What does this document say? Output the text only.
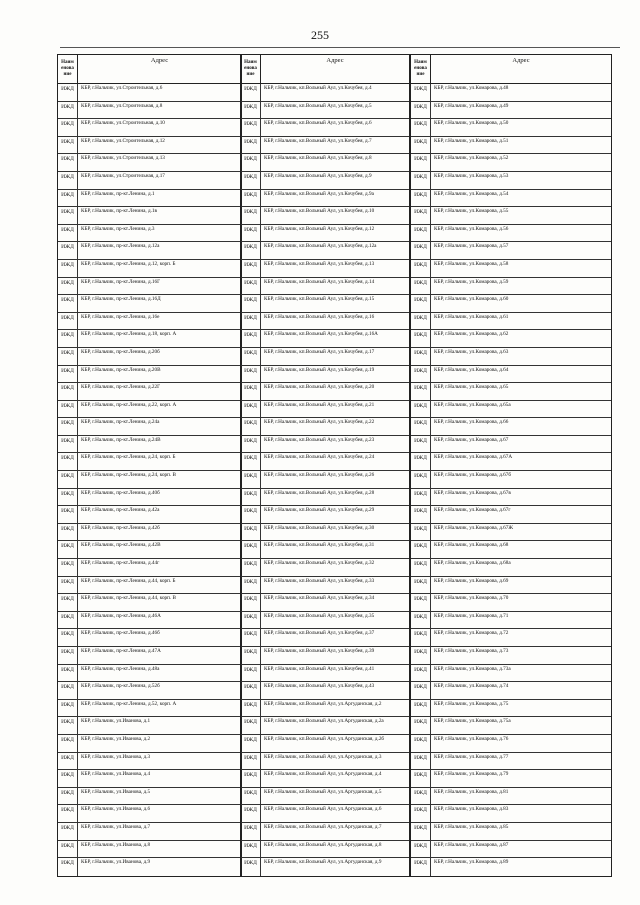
255
Наим енова ние
Адрес
ИЖД	КБР, г.Нальчик, ул.Строительная, д.6
ИЖД	КБР, г.Нальчик, ул.Строительная, д.8
ИЖД	КБР, г.Нальчик, ул.Строительная, д.10
ИЖД	КБР, г.Нальчик, ул.Строительная, д.12
ИЖД	КБР, г.Нальчик, ул.Строительная, д.13
ИЖД	КБР, г.Нальчик, ул.Строительная, д.17
ИЖД	КБР, г.Нальчик, пр-кт.Ленина, д.1
ИЖД	КБР, г.Нальчик, пр-кт.Ленина, д.1в
ИЖД	КБР, г.Нальчик, пр-кт.Ленина, д.3
ИЖД	КБР, г.Нальчик, пр-кт.Ленина, д.12а
ИЖД	КБР, г.Нальчик, пр-кт.Ленина, д.12, корп. Б
ИЖД	КБР, г.Нальчик, пр-кт.Ленина, д.16Г
ИЖД	КБР, г.Нальчик, пр-кт.Ленина, д.16Д
ИЖД	КБР, г.Нальчик, пр-кт.Ленина, д.16е
ИЖД	КБР, г.Нальчик, пр-кт.Ленина, д.18, корп. А
ИЖД	КБР, г.Нальчик, пр-кт.Ленина, д.20б
ИЖД	КБР, г.Нальчик, пр-кт.Ленина, д.20В
ИЖД	КБР, г.Нальчик, пр-кт.Ленина, д.22Г
ИЖД	КБР, г.Нальчик, пр-кт.Ленина, д.22, корп. А
ИЖД	КБР, г.Нальчик, пр-кт.Ленина, д.24а
ИЖД	КБР, г.Нальчик, пр-кт.Ленина, д.24В
ИЖД	КБР, г.Нальчик, пр-кт.Ленина, д.24, корп. Б
ИЖД	КБР, г.Нальчик, пр-кт.Ленина, д.24, корп. В
ИЖД	КБР, г.Нальчик, пр-кт.Ленина, д.40б
ИЖД	КБР, г.Нальчик, пр-кт.Ленина, д.42а
ИЖД	КБР, г.Нальчик, пр-кт.Ленина, д.42б
ИЖД	КБР, г.Нальчик, пр-кт.Ленина, д.42В
ИЖД	КБР, г.Нальчик, пр-кт.Ленина, д.44г
ИЖД	КБР, г.Нальчик, пр-кт.Ленина, д.44, корп. Б
ИЖД	КБР, г.Нальчик, пр-кт.Ленина, д.44, корп. В
ИЖД	КБР, г.Нальчик, пр-кт.Ленина, д.46А
ИЖД	КБР, г.Нальчик, пр-кт.Ленина, д.46б
ИЖД	КБР, г.Нальчик, пр-кт.Ленина, д.47А
ИЖД	КБР, г.Нальчик, пр-кт.Ленина, д.48а
ИЖД	КБР, г.Нальчик, пр-кт.Ленина, д.52б
ИЖД	КБР, г.Нальчик, пр-кт.Ленина, д.52, корп. А
ИЖД	КБР, г.Нальчик, ул.Иванова, д.1
ИЖД	КБР, г.Нальчик, ул.Иванова, д.2
ИЖД	КБР, г.Нальчик, ул.Иванова, д.3
ИЖД	КБР, г.Нальчик, ул.Иванова, д.4
ИЖД	КБР, г.Нальчик, ул.Иванова, д.5
ИЖД	КБР, г.Нальчик, ул.Иванова, д.6
ИЖД	КБР, г.Нальчик, ул.Иванова, д.7
ИЖД	КБР, г.Нальчик, ул.Иванова, д.8
ИЖД	КБР, г.Нальчик, ул.Иванова, д.9
Наим енова ние
Адрес
ИЖД	КБР, г.Нальчик, кп.Вольный Аул, ул.Кочубея, д.4
ИЖД	КБР, г.Нальчик, кп.Вольный Аул, ул.Кочубея, д.5
ИЖД	КБР, г.Нальчик, кп.Вольный Аул, ул.Кочубея, д.6
ИЖД	КБР, г.Нальчик, кп.Вольный Аул, ул.Кочубея, д.7
ИЖД	КБР, г.Нальчик, кп.Вольный Аул, ул.Кочубея, д.8
ИЖД	КБР, г.Нальчик, кп.Вольный Аул, ул.Кочубея, д.9
ИЖД	КБР, г.Нальчик, кп.Вольный Аул, ул.Кочубея, д.9а
ИЖД	КБР, г.Нальчик, кп.Вольный Аул, ул.Кочубея, д.10
ИЖД	КБР, г.Нальчик, кп.Вольный Аул, ул.Кочубея, д.12
ИЖД	КБР, г.Нальчик, кп.Вольный Аул, ул.Кочубея, д.12а
ИЖД	КБР, г.Нальчик, кп.Вольный Аул, ул.Кочубея, д.13
ИЖД	КБР, г.Нальчик, кп.Вольный Аул, ул.Кочубея, д.14
ИЖД	КБР, г.Нальчик, кп.Вольный Аул, ул.Кочубея, д.15
ИЖД	КБР, г.Нальчик, кп.Вольный Аул, ул.Кочубея, д.16
ИЖД	КБР, г.Нальчик, кп.Вольный Аул, ул.Кочубея, д.16А
ИЖД	КБР, г.Нальчик, кп.Вольный Аул, ул.Кочубея, д.17
ИЖД	КБР, г.Нальчик, кп.Вольный Аул, ул.Кочубея, д.19
ИЖД	КБР, г.Нальчик, кп.Вольный Аул, ул.Кочубея, д.20
ИЖД	КБР, г.Нальчик, кп.Вольный Аул, ул.Кочубея, д.21
ИЖД	КБР, г.Нальчик, кп.Вольный Аул, ул.Кочубея, д.22
ИЖД	КБР, г.Нальчик, кп.Вольный Аул, ул.Кочубея, д.23
ИЖД	КБР, г.Нальчик, кп.Вольный Аул, ул.Кочубея, д.24
ИЖД	КБР, г.Нальчик, кп.Вольный Аул, ул.Кочубея, д.26
ИЖД	КБР, г.Нальчик, кп.Вольный Аул, ул.Кочубея, д.28
ИЖД	КБР, г.Нальчик, кп.Вольный Аул, ул.Кочубея, д.29
ИЖД	КБР, г.Нальчик, кп.Вольный Аул, ул.Кочубея, д.30
ИЖД	КБР, г.Нальчик, кп.Вольный Аул, ул.Кочубея, д.31
ИЖД	КБР, г.Нальчик, кп.Вольный Аул, ул.Кочубея, д.32
ИЖД	КБР, г.Нальчик, кп.Вольный Аул, ул.Кочубея, д.33
ИЖД	КБР, г.Нальчик, кп.Вольный Аул, ул.Кочубея, д.34
ИЖД	КБР, г.Нальчик, кп.Вольный Аул, ул.Кочубея, д.35
ИЖД	КБР, г.Нальчик, кп.Вольный Аул, ул.Кочубея, д.37
ИЖД	КБР, г.Нальчик, кп.Вольный Аул, ул.Кочубея, д.39
ИЖД	КБР, г.Нальчик, кп.Вольный Аул, ул.Кочубея, д.41
ИЖД	КБР, г.Нальчик, кп.Вольный Аул, ул.Кочубея, д.43
ИЖД	КБР, г.Нальчик, кп.Вольный Аул, ул.Аргуданская, д.2
ИЖД	КБР, г.Нальчик, кп.Вольный Аул, ул.Аргуданская, д.2а
ИЖД	КБР, г.Нальчик, кп.Вольный Аул, ул.Аргуданская, д.2б
ИЖД	КБР, г.Нальчик, кп.Вольный Аул, ул.Аргуданская, д.3
ИЖД	КБР, г.Нальчик, кп.Вольный Аул, ул.Аргуданская, д.4
ИЖД	КБР, г.Нальчик, кп.Вольный Аул, ул.Аргуданская, д.5
ИЖД	КБР, г.Нальчик, кп.Вольный Аул, ул.Аргуданская, д.6
ИЖД	КБР, г.Нальчик, кп.Вольный Аул, ул.Аргуданская, д.7
ИЖД	КБР, г.Нальчик, кп.Вольный Аул, ул.Аргуданская, д.8
ИЖД	КБР, г.Нальчик, кп.Вольный Аул, ул.Аргуданская, д.9
Наим енова ние
Адрес
ИЖД	КБР, г.Нальчик, ул.Комарова, д.48
ИЖД	КБР, г.Нальчик, ул.Комарова, д.49
ИЖД	КБР, г.Нальчик, ул.Комарова, д.50
ИЖД	КБР, г.Нальчик, ул.Комарова, д.51
ИЖД	КБР, г.Нальчик, ул.Комарова, д.52
ИЖД	КБР, г.Нальчик, ул.Комарова, д.53
ИЖД	КБР, г.Нальчик, ул.Комарова, д.54
ИЖД	КБР, г.Нальчик, ул.Комарова, д.55
ИЖД	КБР, г.Нальчик, ул.Комарова, д.56
ИЖД	КБР, г.Нальчик, ул.Комарова, д.57
ИЖД	КБР, г.Нальчик, ул.Комарова, д.58
ИЖД	КБР, г.Нальчик, ул.Комарова, д.59
ИЖД	КБР, г.Нальчик, ул.Комарова, д.60
ИЖД	КБР, г.Нальчик, ул.Комарова, д.61
ИЖД	КБР, г.Нальчик, ул.Комарова, д.62
ИЖД	КБР, г.Нальчик, ул.Комарова, д.63
ИЖД	КБР, г.Нальчик, ул.Комарова, д.64
ИЖД	КБР, г.Нальчик, ул.Комарова, д.65
ИЖД	КБР, г.Нальчик, ул.Комарова, д.65а
ИЖД	КБР, г.Нальчик, ул.Комарова, д.66
ИЖД	КБР, г.Нальчик, ул.Комарова, д.67
ИЖД	КБР, г.Нальчик, ул.Комарова, д.67А
ИЖД	КБР, г.Нальчик, ул.Комарова, д.67б
ИЖД	КБР, г.Нальчик, ул.Комарова, д.67в
ИЖД	КБР, г.Нальчик, ул.Комарова, д.67г
ИЖД	КБР, г.Нальчик, ул.Комарова, д.67Ж
ИЖД	КБР, г.Нальчик, ул.Комарова, д.68
ИЖД	КБР, г.Нальчик, ул.Комарова, д.68а
ИЖД	КБР, г.Нальчик, ул.Комарова, д.69
ИЖД	КБР, г.Нальчик, ул.Комарова, д.70
ИЖД	КБР, г.Нальчик, ул.Комарова, д.71
ИЖД	КБР, г.Нальчик, ул.Комарова, д.72
ИЖД	КБР, г.Нальчик, ул.Комарова, д.73
ИЖД	КБР, г.Нальчик, ул.Комарова, д.73а
ИЖД	КБР, г.Нальчик, ул.Комарова, д.74
ИЖД	КБР, г.Нальчик, ул.Комарова, д.75
ИЖД	КБР, г.Нальчик, ул.Комарова, д.75а
ИЖД	КБР, г.Нальчик, ул.Комарова, д.76
ИЖД	КБР, г.Нальчик, ул.Комарова, д.77
ИЖД	КБР, г.Нальчик, ул.Комарова, д.79
ИЖД	КБР, г.Нальчик, ул.Комарова, д.81
ИЖД	КБР, г.Нальчик, ул.Комарова, д.83
ИЖД	КБР, г.Нальчик, ул.Комарова, д.85
ИЖД	КБР, г.Нальчик, ул.Комарова, д.87
ИЖД	КБР, г.Нальчик, ул.Комарова, д.89
